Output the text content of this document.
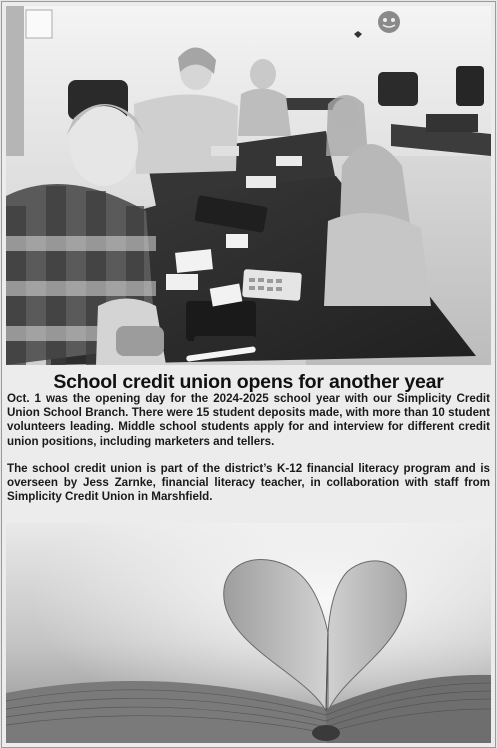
School credit union opens for another year

Oct. 1 was the opening day for the 2024-2025 school year with our Simplicity Credit Union School Branch. There were 15 student deposits made, with more than 10 student volunteers leading. Middle school students apply for and interview for different credit union positions, including marketers and tellers.

The school credit union is part of the district’s K-12 financial literacy program and is overseen by Jess Zarnke, financial literacy teacher, in collaboration with staff from Simplicity Credit Union in Marshfield.
